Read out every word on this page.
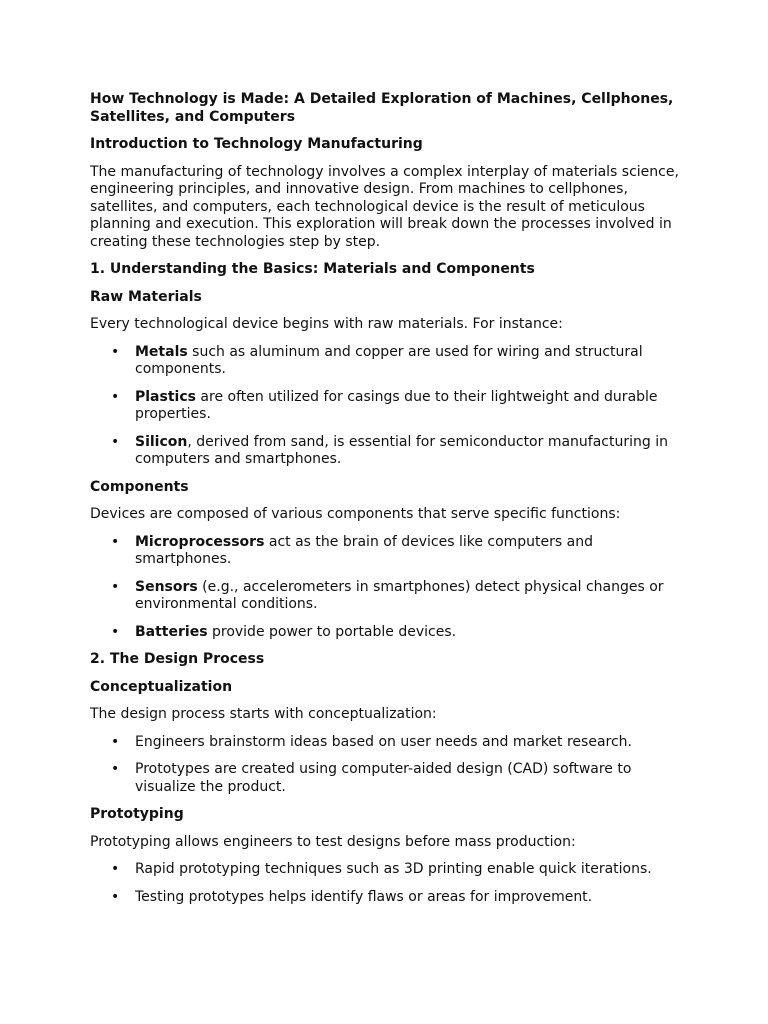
How Technology is Made: A Detailed Exploration of Machines, Cellphones, Satellites, and Computers
Introduction to Technology Manufacturing

The manufacturing of technology involves a complex interplay of materials science, engineering principles, and innovative design. From machines to cellphones, satellites, and computers, each technological device is the result of meticulous planning and execution. This exploration will break down the processes involved in creating these technologies step by step.

1. Understanding the Basics: Materials and Components
Raw Materials

Every technological device begins with raw materials. For instance:

• Metals such as aluminum and copper are used for wiring and structural components.
• Plastics are often utilized for casings due to their lightweight and durable properties.
• Silicon, derived from sand, is essential for semiconductor manufacturing in computers and smartphones.
Components

Devices are composed of various components that serve specific functions:

• Microprocessors act as the brain of devices like computers and smartphones.
• Sensors (e.g., accelerometers in smartphones) detect physical changes or environmental conditions.
• Batteries provide power to portable devices.
2. The Design Process
Conceptualization

The design process starts with conceptualization:

• Engineers brainstorm ideas based on user needs and market research.
• Prototypes are created using computer-aided design (CAD) software to visualize the product.
Prototyping

Prototyping allows engineers to test designs before mass production:

• Rapid prototyping techniques such as 3D printing enable quick iterations.
• Testing prototypes helps identify flaws or areas for improvement.
